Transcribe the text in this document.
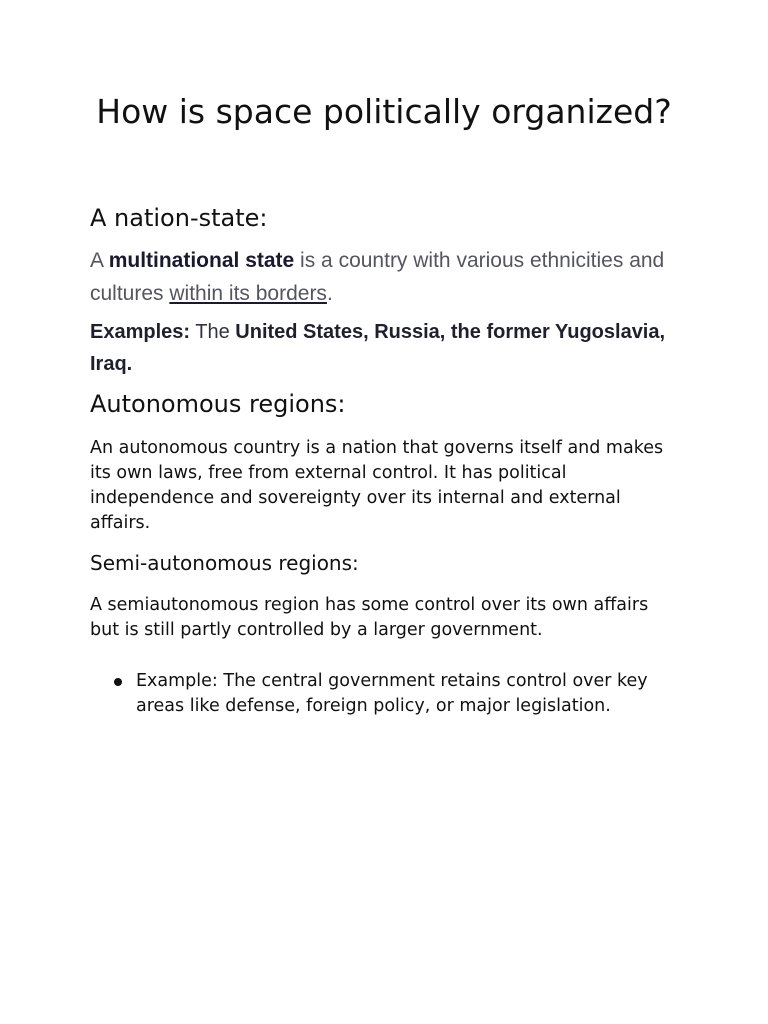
How is space politically organized?
A nation-state:

A multinational state is a country with various ethnicities and cultures within its borders.

Examples: The United States, Russia, the former Yugoslavia, Iraq.

Autonomous regions:

An autonomous country is a nation that governs itself and makes its own laws, free from external control. It has political independence and sovereignty over its internal and external affairs.

Semi-autonomous regions:

A semiautonomous region has some control over its own affairs but is still partly controlled by a larger government.

Example: The central government retains control over key areas like defense, foreign policy, or major legislation.
